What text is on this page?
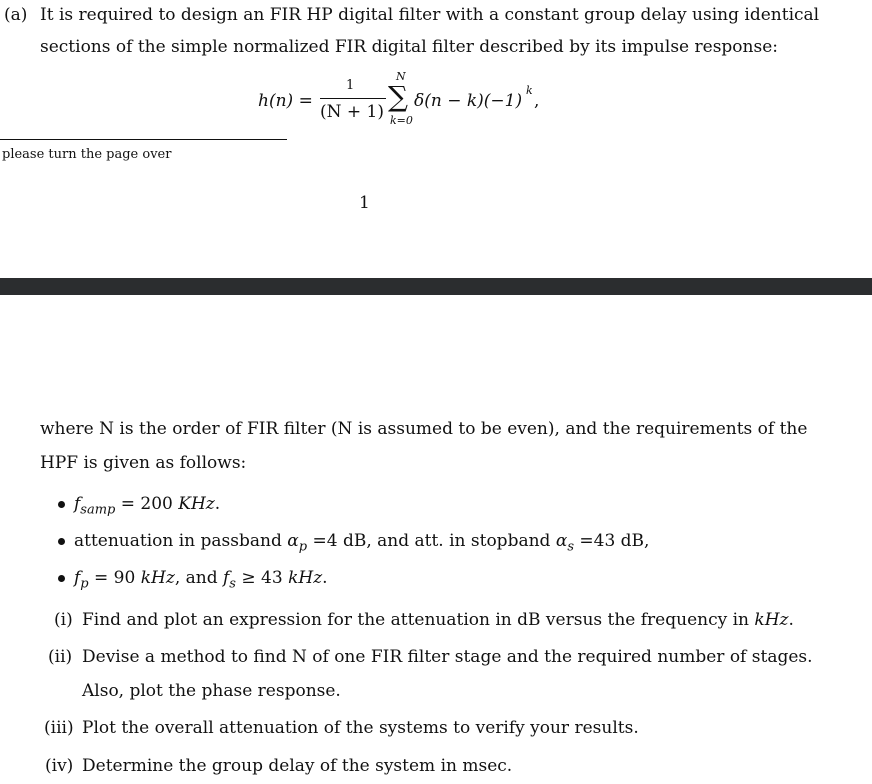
(a) It is required to design an FIR HP digital filter with a constant group delay using identical
sections of the simple normalized FIR digital filter described by its impulse response:
h(n) =
1
(N + 1)
N
∑
k=0
δ(n − k)(−1)
k
,
please turn the page over
1
where N is the order of FIR filter (N is assumed to be even), and the requirements of the
HPF is given as follows:
$f_{samp} = 200$ KHz.
attenuation in passband $\alpha_p =4$ dB, and att. in stopband $\alpha_s =43$ dB,
$f_p = 90$ kHz, and $f_s \ge 43$ kHz.
(i) Find and plot an expression for the attenuation in dB versus the frequency in kHz.
(ii) Devise a method to find N of one FIR filter stage and the required number of stages.
Also, plot the phase response.
(iii) Plot the overall attenuation of the systems to verify your results.
(iv) Determine the group delay of the system in msec.
